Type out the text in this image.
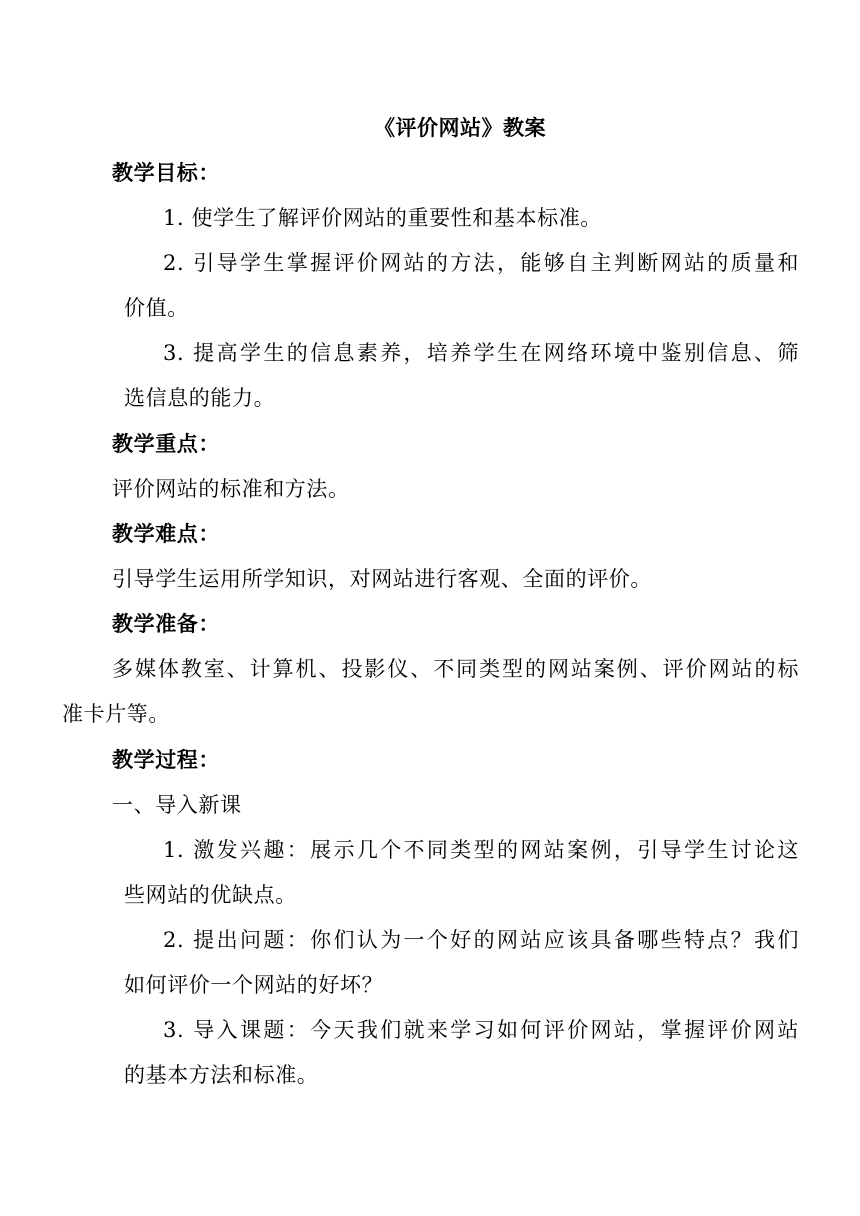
《评价网站》教案
教学目标：
1. 使学生了解评价网站的重要性和基本标准。
2. 引导学生掌握评价网站的方法，能够自主判断网站的质量和
价值。
3. 提高学生的信息素养，培养学生在网络环境中鉴别信息、筛
选信息的能力。
教学重点：
评价网站的标准和方法。
教学难点：
引导学生运用所学知识，对网站进行客观、全面的评价。
教学准备：
多媒体教室、计算机、投影仪、不同类型的网站案例、评价网站的标
准卡片等。
教学过程：
一、导入新课
1. 激发兴趣：展示几个不同类型的网站案例，引导学生讨论这
些网站的优缺点。
2. 提出问题：你们认为一个好的网站应该具备哪些特点？我们
如何评价一个网站的好坏？
3. 导入课题：今天我们就来学习如何评价网站，掌握评价网站
的基本方法和标准。
